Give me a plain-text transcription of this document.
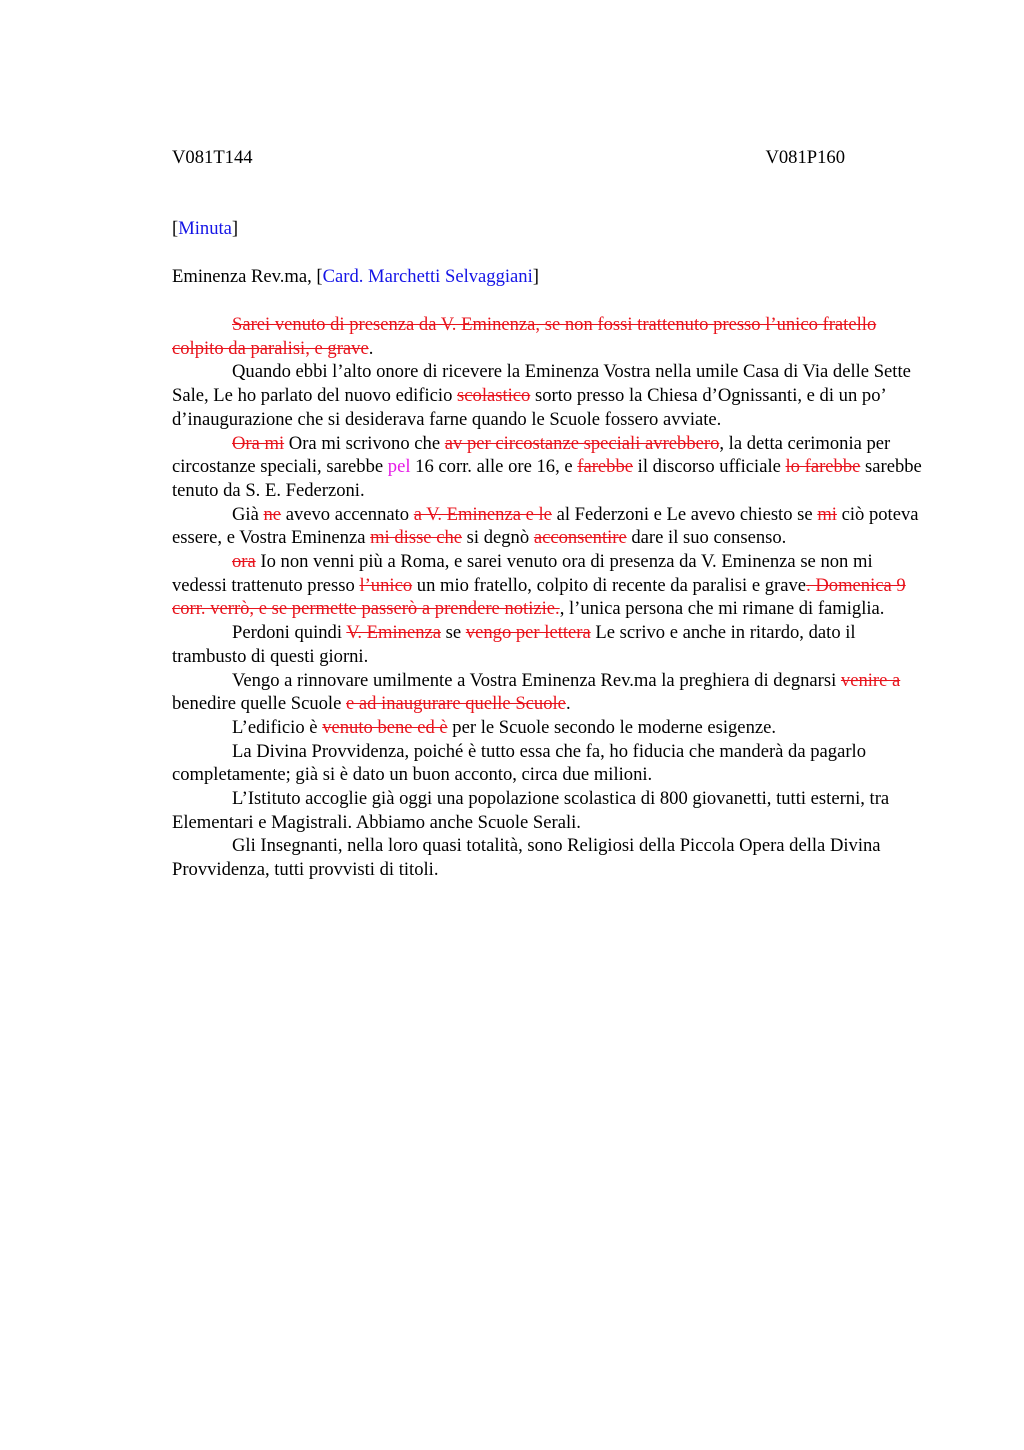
V081T144	V081P160
[Minuta]
Eminenza Rev.ma, [Card. Marchetti Selvaggiani]

Sarei venuto di presenza da V. Eminenza, se non fossi trattenuto presso l’unico fratello colpito da paralisi, e grave.

Quando ebbi l’alto onore di ricevere la Eminenza Vostra nella umile Casa di Via delle Sette Sale, Le ho parlato del nuovo edificio scolastico sorto presso la Chiesa d’Ognissanti, e di un po’ d’inaugurazione che si desiderava farne quando le Scuole fossero avviate.

Ora mi Ora mi scrivono che av per circostanze speciali avrebbero, la detta cerimonia per circostanze speciali, sarebbe pel 16 corr. alle ore 16, e farebbe il discorso ufficiale lo farebbe sarebbe tenuto da S. E. Federzoni.

Già ne avevo accennato a V. Eminenza e le al Federzoni e Le avevo chiesto se mi ciò poteva essere, e Vostra Eminenza mi disse che si degnò acconsentire dare il suo consenso.

ora Io non venni più a Roma, e sarei venuto ora di presenza da V. Eminenza se non mi vedessi trattenuto presso l’unico un mio fratello, colpito di recente da paralisi e grave. Domenica 9 corr. verrò, e se permette passerò a prendere notizie., l’unica persona che mi rimane di famiglia.

Perdoni quindi V. Eminenza se vengo per lettera Le scrivo e anche in ritardo, dato il trambusto di questi giorni.

Vengo a rinnovare umilmente a Vostra Eminenza Rev.ma la preghiera di degnarsi venire a benedire quelle Scuole e ad inaugurare quelle Scuole.

L’edificio è venuto bene ed è per le Scuole secondo le moderne esigenze.

La Divina Provvidenza, poiché è tutto essa che fa, ho fiducia che manderà da pagarlo completamente; già si è dato un buon acconto, circa due milioni.

L’Istituto accoglie già oggi una popolazione scolastica di 800 giovanetti, tutti esterni, tra Elementari e Magistrali. Abbiamo anche Scuole Serali.

Gli Insegnanti, nella loro quasi totalità, sono Religiosi della Piccola Opera della Divina Provvidenza, tutti provvisti di titoli.
